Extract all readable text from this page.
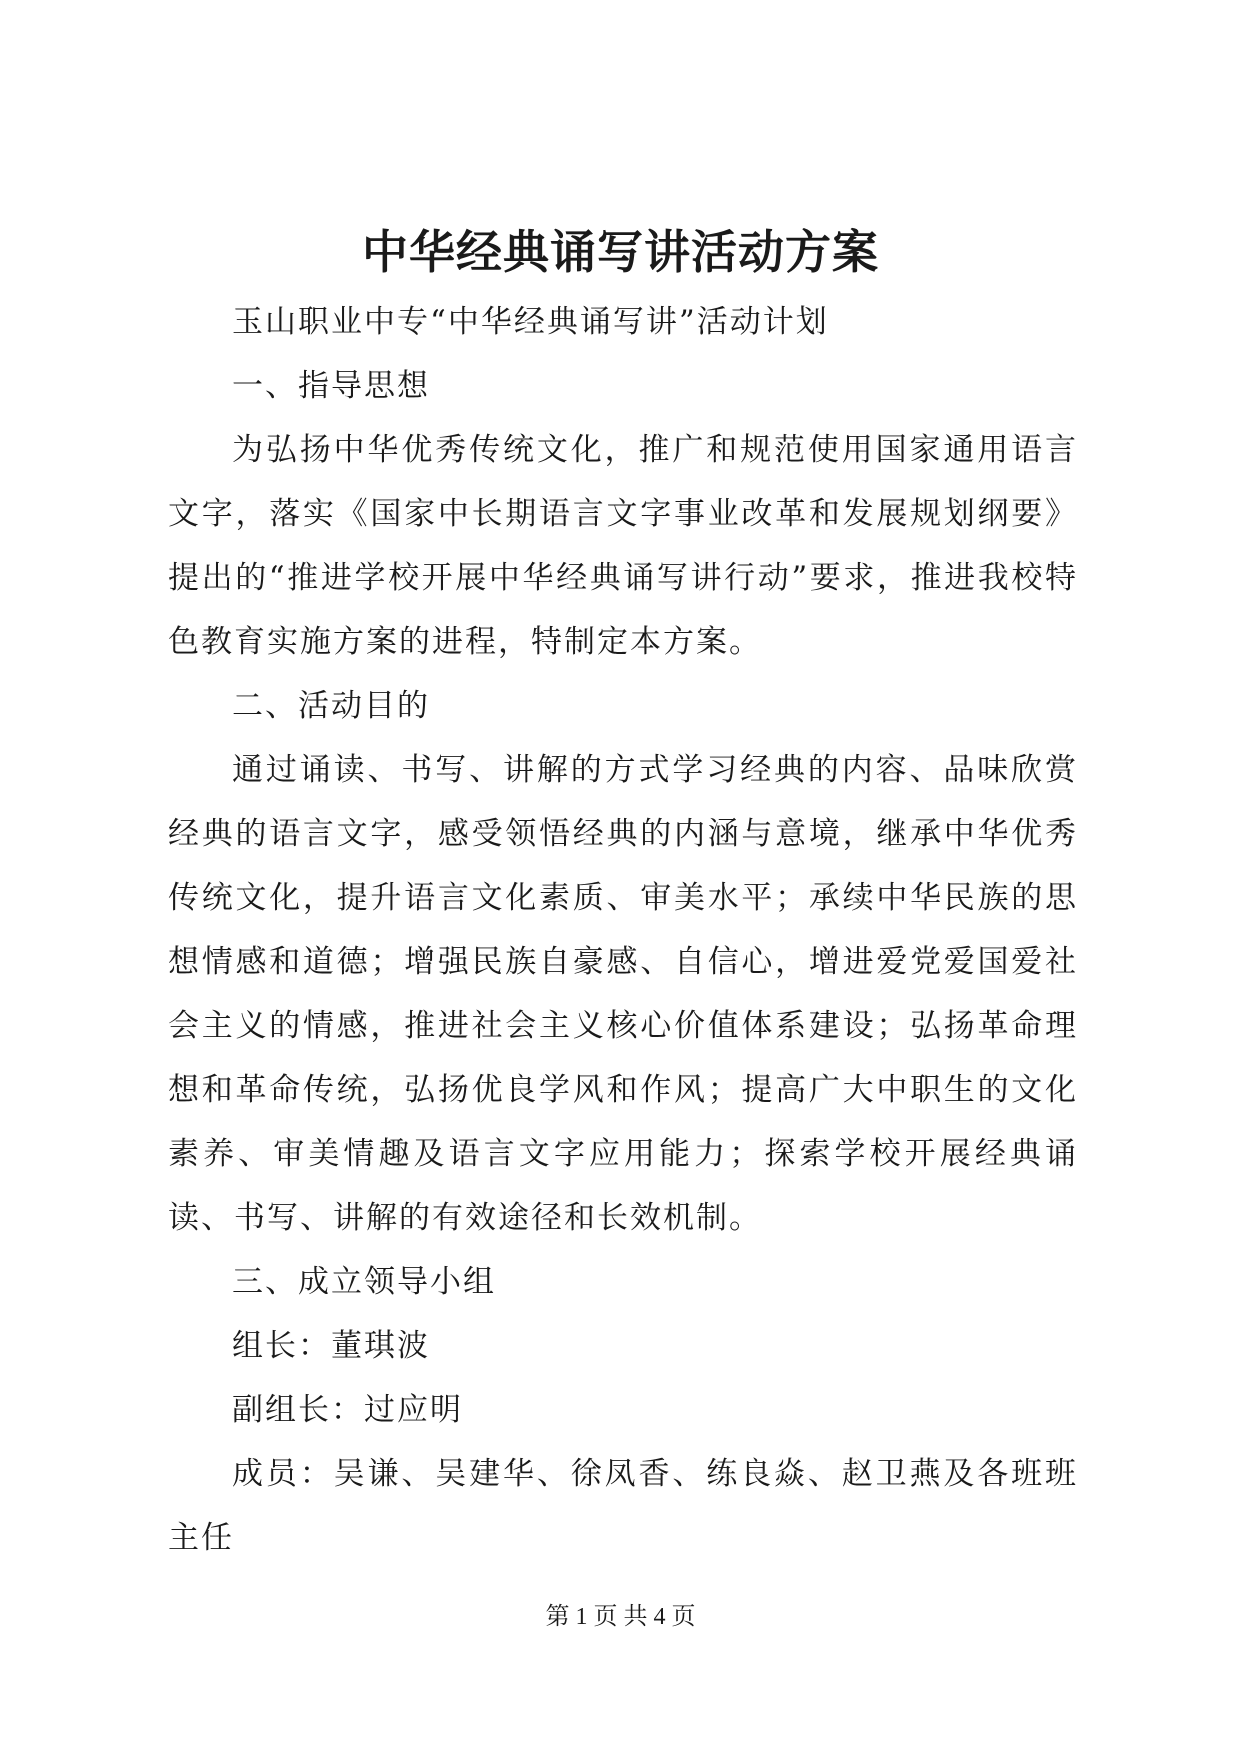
中华经典诵写讲活动方案

玉山职业中专“中华经典诵写讲”活动计划

一、指导思想

为弘扬中华优秀传统文化，推广和规范使用国家通用语言文字，落实《国家中长期语言文字事业改革和发展规划纲要》提出的“推进学校开展中华经典诵写讲行动”要求，推进我校特色教育实施方案的进程，特制定本方案。

二、活动目的

通过诵读、书写、讲解的方式学习经典的内容、品味欣赏经典的语言文字，感受领悟经典的内涵与意境，继承中华优秀传统文化，提升语言文化素质、审美水平；承续中华民族的思想情感和道德；增强民族自豪感、自信心，增进爱党爱国爱社会主义的情感，推进社会主义核心价值体系建设；弘扬革命理想和革命传统，弘扬优良学风和作风；提高广大中职生的文化素养、审美情趣及语言文字应用能力；探索学校开展经典诵读、书写、讲解的有效途径和长效机制。

三、成立领导小组

组长：董琪波

副组长：过应明

成员：吴谦、吴建华、徐凤香、练良焱、赵卫燕及各班班主任

第 1 页 共 4 页
